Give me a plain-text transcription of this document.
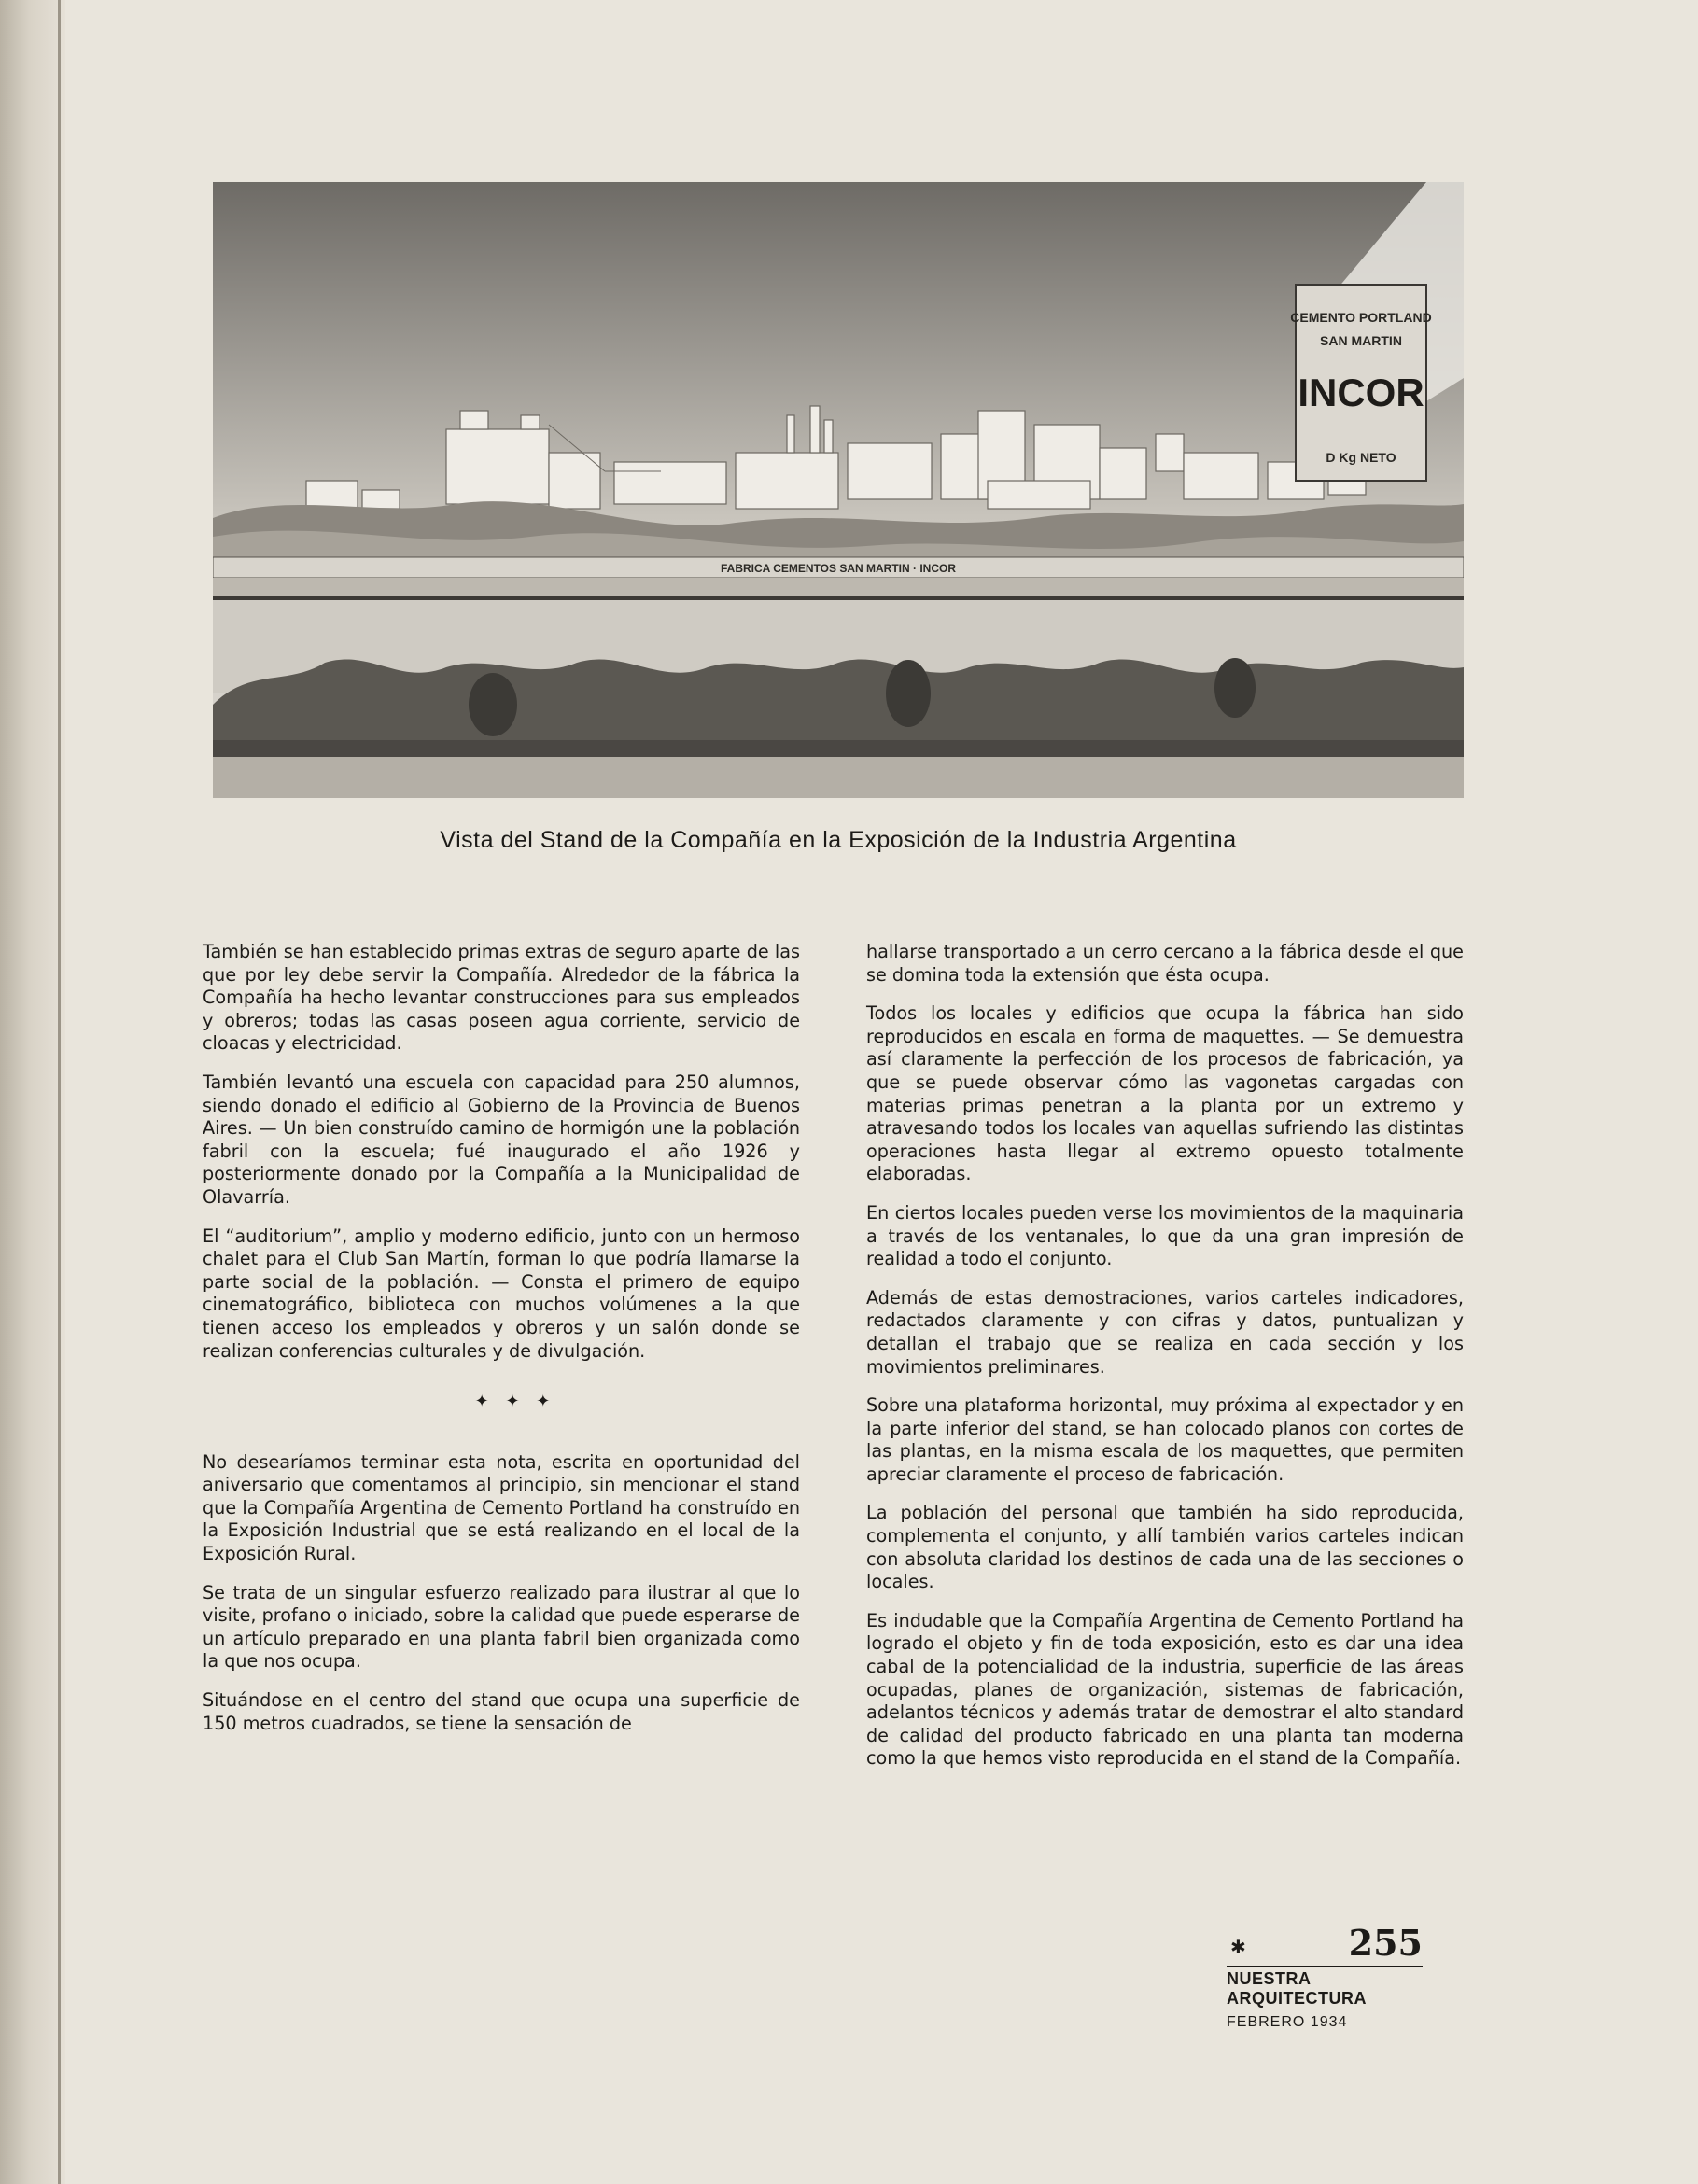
CEMENTO PORTLAND
SAN MARTIN
INCOR
D Kg NETO
FABRICA CEMENTOS SAN MARTIN · INCOR
Vista del Stand de la Compañía en la Exposición de la Industria Argentina

También se han establecido primas extras de seguro aparte de las que por ley debe servir la Compañía. Alrededor de la fábrica la Compañía ha hecho levantar construcciones para sus empleados y obreros; todas las casas poseen agua corriente, servicio de cloacas y electricidad.

También levantó una escuela con capacidad para 250 alumnos, siendo donado el edificio al Gobierno de la Provincia de Buenos Aires. — Un bien construído camino de hormigón une la población fabril con la escuela; fué inaugurado el año 1926 y posteriormente donado por la Compañía a la Municipalidad de Olavarría.

El “auditorium”, amplio y moderno edificio, junto con un hermoso chalet para el Club San Martín, forman lo que podría llamarse la parte social de la población. — Consta el primero de equipo cinematográfico, biblioteca con muchos volúmenes a la que tienen acceso los empleados y obreros y un salón donde se realizan conferencias culturales y de divulgación.

✦ ✦ ✦

No desearíamos terminar esta nota, escrita en oportunidad del aniversario que comentamos al principio, sin mencionar el stand que la Compañía Argentina de Cemento Portland ha construído en la Exposición Industrial que se está realizando en el local de la Exposición Rural.

Se trata de un singular esfuerzo realizado para ilustrar al que lo visite, profano o iniciado, sobre la calidad que puede esperarse de un artículo preparado en una planta fabril bien organizada como la que nos ocupa.

Situándose en el centro del stand que ocupa una superficie de 150 metros cuadrados, se tiene la sensación de

hallarse transportado a un cerro cercano a la fábrica desde el que se domina toda la extensión que ésta ocupa.

Todos los locales y edificios que ocupa la fábrica han sido reproducidos en escala en forma de maquettes. — Se demuestra así claramente la perfección de los procesos de fabricación, ya que se puede observar cómo las vagonetas cargadas con materias primas penetran a la planta por un extremo y atravesando todos los locales van aquellas sufriendo las distintas operaciones hasta llegar al extremo opuesto totalmente elaboradas.

En ciertos locales pueden verse los movimientos de la maquinaria a través de los ventanales, lo que da una gran impresión de realidad a todo el conjunto.

Además de estas demostraciones, varios carteles indicadores, redactados claramente y con cifras y datos, puntualizan y detallan el trabajo que se realiza en cada sección y los movimientos preliminares.

Sobre una plataforma horizontal, muy próxima al expectador y en la parte inferior del stand, se han colocado planos con cortes de las plantas, en la misma escala de los maquettes, que permiten apreciar claramente el proceso de fabricación.

La población del personal que también ha sido reproducida, complementa el conjunto, y allí también varios carteles indican con absoluta claridad los destinos de cada una de las secciones o locales.

Es indudable que la Compañía Argentina de Cemento Portland ha logrado el objeto y fin de toda exposición, esto es dar una idea cabal de la potencialidad de la industria, superficie de las áreas ocupadas, planes de organización, sistemas de fabricación, adelantos técnicos y además tratar de demostrar el alto standard de calidad del producto fabricado en una planta tan moderna como la que hemos visto reproducida en el stand de la Compañía.

✱	255
NUESTRA ARQUITECTURA
FEBRERO 1934
